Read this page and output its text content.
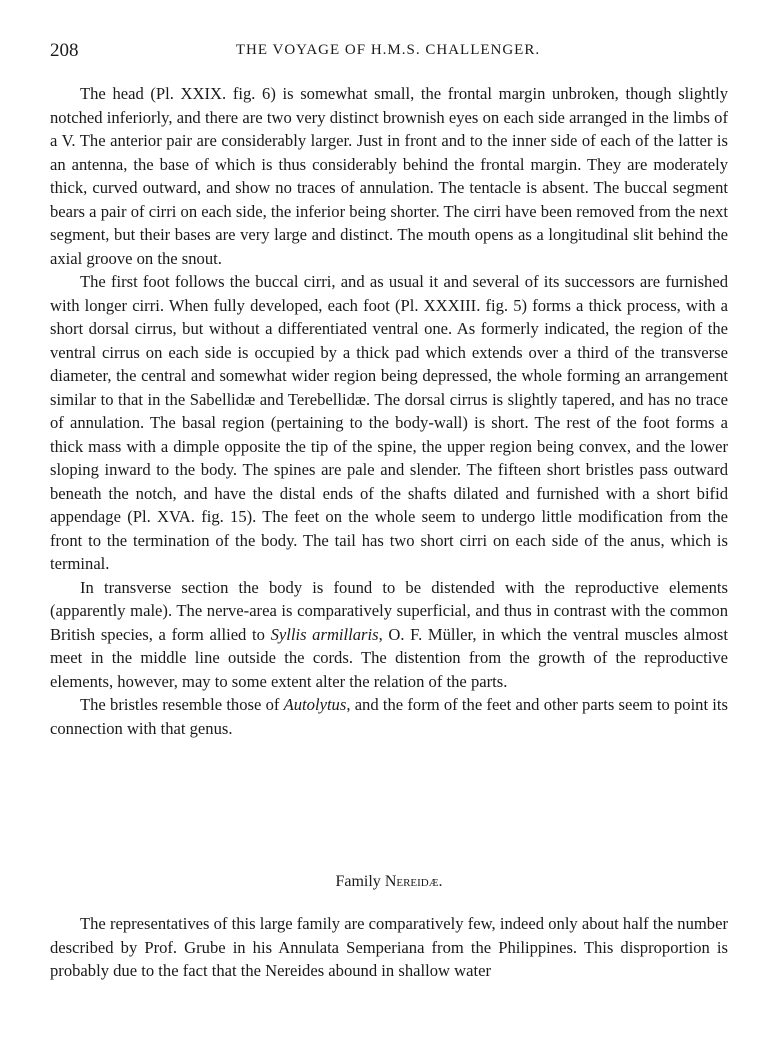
208	THE VOYAGE OF H.M.S. CHALLENGER.

The head (Pl. XXIX. fig. 6) is somewhat small, the frontal margin unbroken, though slightly notched inferiorly, and there are two very distinct brownish eyes on each side arranged in the limbs of a V. The anterior pair are considerably larger. Just in front and to the inner side of each of the latter is an antenna, the base of which is thus considerably behind the frontal margin. They are moderately thick, curved outward, and show no traces of annulation. The tentacle is absent. The buccal segment bears a pair of cirri on each side, the inferior being shorter. The cirri have been removed from the next segment, but their bases are very large and distinct. The mouth opens as a longitudinal slit behind the axial groove on the snout.

The first foot follows the buccal cirri, and as usual it and several of its successors are furnished with longer cirri. When fully developed, each foot (Pl. XXXIII. fig. 5) forms a thick process, with a short dorsal cirrus, but without a differentiated ventral one. As formerly indicated, the region of the ventral cirrus on each side is occupied by a thick pad which extends over a third of the transverse diameter, the central and somewhat wider region being depressed, the whole forming an arrangement similar to that in the Sabellidæ and Terebellidæ. The dorsal cirrus is slightly tapered, and has no trace of annulation. The basal region (pertaining to the body-wall) is short. The rest of the foot forms a thick mass with a dimple opposite the tip of the spine, the upper region being convex, and the lower sloping inward to the body. The spines are pale and slender. The fifteen short bristles pass outward beneath the notch, and have the distal ends of the shafts dilated and furnished with a short bifid appendage (Pl. XVA. fig. 15). The feet on the whole seem to undergo little modification from the front to the termination of the body. The tail has two short cirri on each side of the anus, which is terminal.

In transverse section the body is found to be distended with the reproductive elements (apparently male). The nerve-area is comparatively superficial, and thus in contrast with the common British species, a form allied to Syllis armillaris, O. F. Müller, in which the ventral muscles almost meet in the middle line outside the cords. The distention from the growth of the reproductive elements, however, may to some extent alter the relation of the parts.

The bristles resemble those of Autolytus, and the form of the feet and other parts seem to point its connection with that genus.

Family Nereidæ.

The representatives of this large family are comparatively few, indeed only about half the number described by Prof. Grube in his Annulata Semperiana from the Philippines. This disproportion is probably due to the fact that the Nereides abound in shallow water
